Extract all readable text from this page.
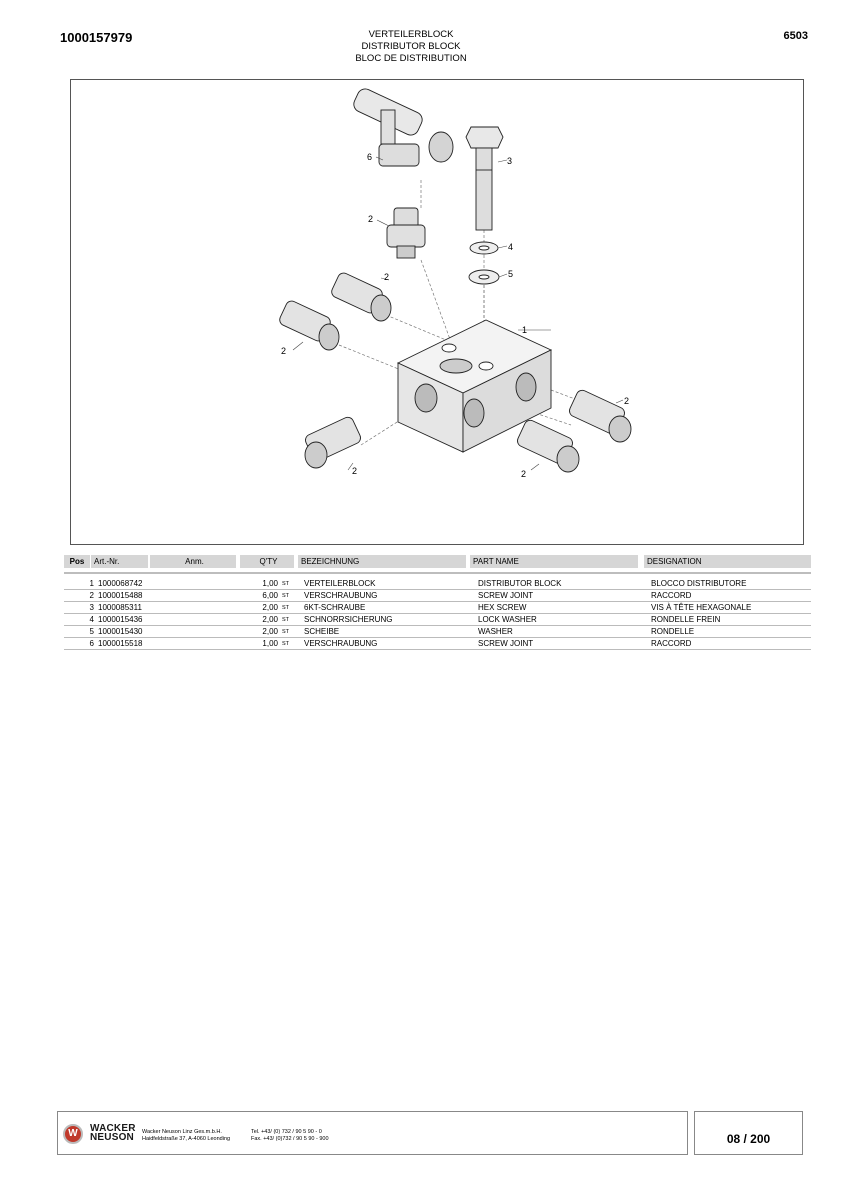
1000157979	VERTEILERBLOCK
DISTRIBUTOR BLOCK
BLOC DE DISTRIBUTION
6503
6	3
2
4
5
2
2
1
2
2	2
Pos	Art.-Nr.	Anm.	Q'TY	BEZEICHNUNG	PART NAME	DESIGNATION
1	1000068742		1,00	ST	VERTEILERBLOCK	DISTRIBUTOR BLOCK	BLOCCO DISTRIBUTORE
2	1000015488		6,00	ST	VERSCHRAUBUNG	SCREW JOINT	RACCORD
3	1000085311		2,00	ST	6KT-SCHRAUBE	HEX SCREW	VIS À TÊTE HEXAGONALE
4	1000015436		2,00	ST	SCHNORRSICHERUNG	LOCK WASHER	RONDELLE FREIN
5	1000015430		2,00	ST	SCHEIBE	WASHER	RONDELLE
6	1000015518		1,00	ST	VERSCHRAUBUNG	SCREW JOINT	RACCORD
W	WACKER
NEUSON	Wacker Neuson Linz Ges.m.b.H.
Haidfeldstraße 37, A-4060 Leonding
Tel. +43/ (0) 732 / 90 5 90 - 0
Fax. +43/ (0)732 / 90 5 90 - 900	08 / 200
